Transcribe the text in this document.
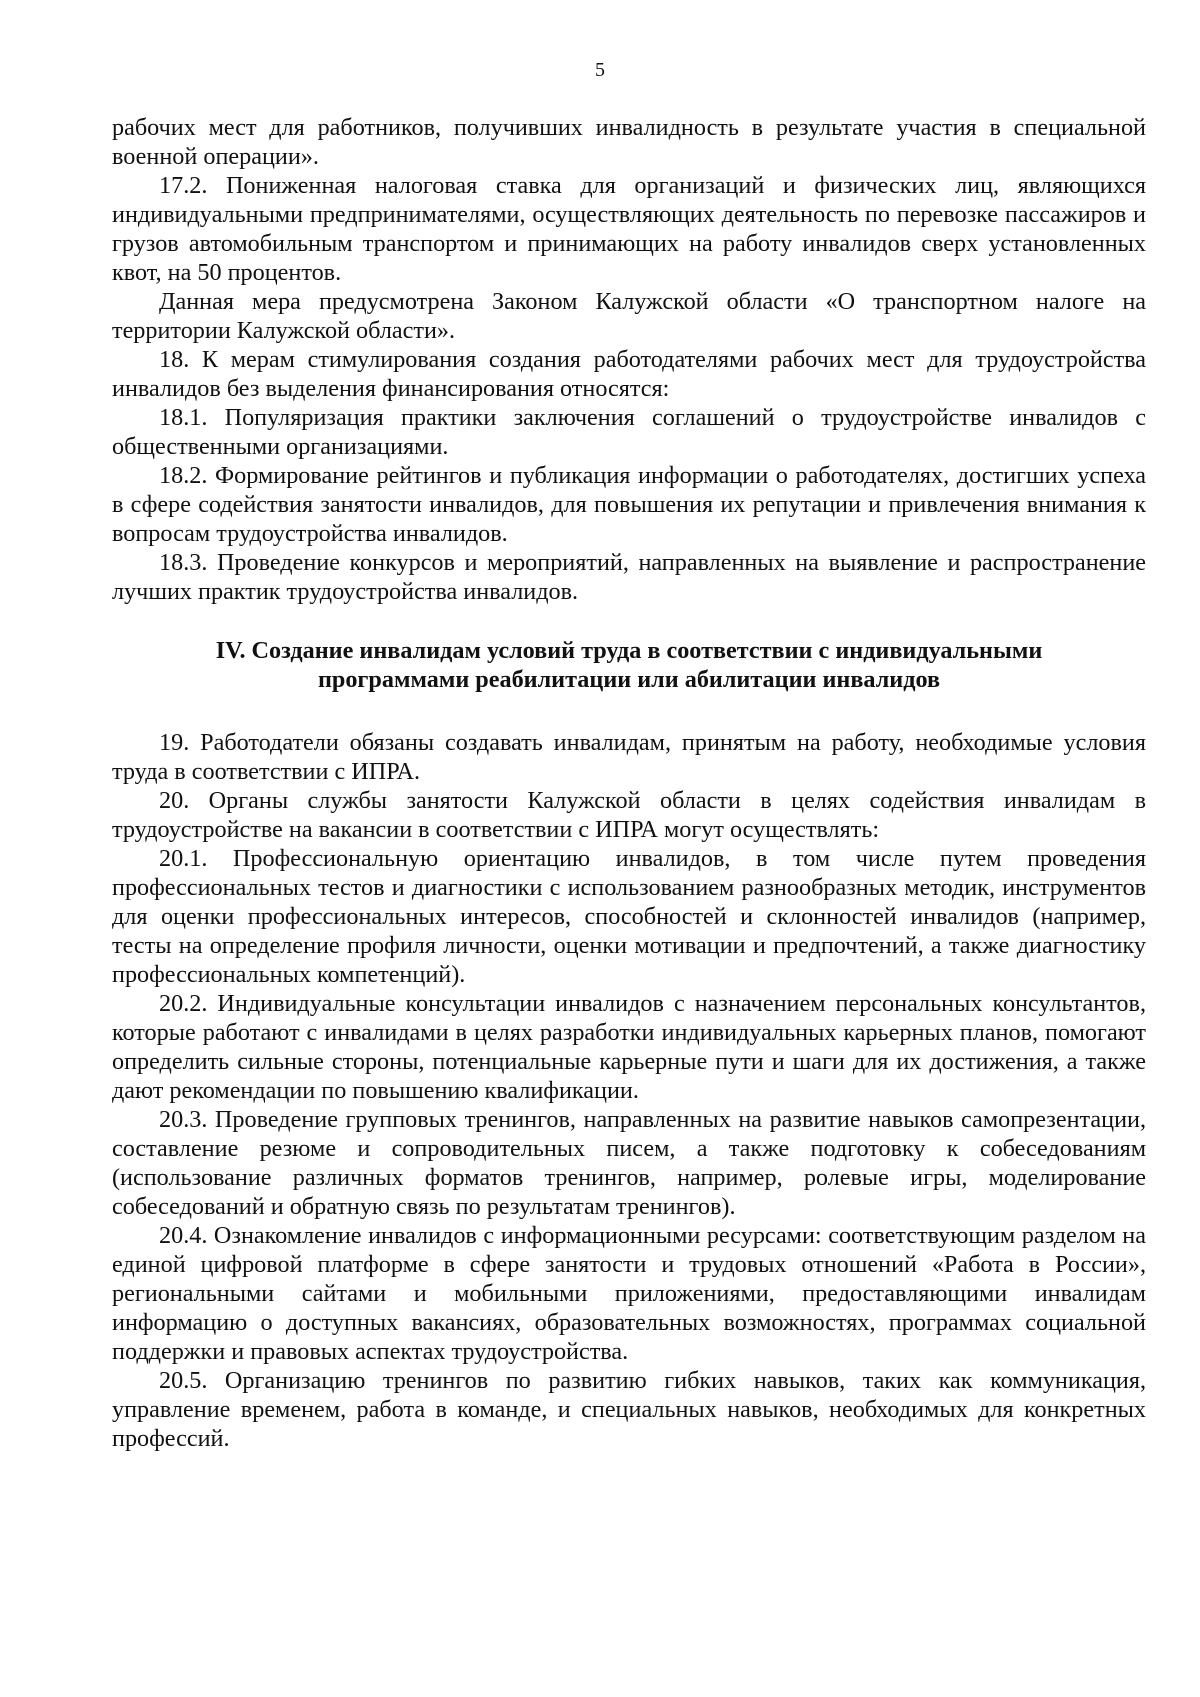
5

рабочих мест для работников, получивших инвалидность в результате участия в специальной военной операции».

17.2. Пониженная налоговая ставка для организаций и физических лиц, являющихся индивидуальными предпринимателями, осуществляющих деятельность по перевозке пассажиров и грузов автомобильным транспортом и принимающих на работу инвалидов сверх установленных квот, на 50 процентов.

Данная мера предусмотрена Законом Калужской области «О транспортном налоге на территории Калужской области».

18. К мерам стимулирования создания работодателями рабочих мест для трудоустройства инвалидов без выделения финансирования относятся:

18.1. Популяризация практики заключения соглашений о трудоустройстве инвалидов с общественными организациями.

18.2. Формирование рейтингов и публикация информации о работодателях, достигших успеха в сфере содействия занятости инвалидов, для повышения их репутации и привлечения внимания к вопросам трудоустройства инвалидов.

18.3. Проведение конкурсов и мероприятий, направленных на выявление и распространение лучших практик трудоустройства инвалидов.

IV. Создание инвалидам условий труда в соответствии с индивидуальными
программами реабилитации или абилитации инвалидов

19. Работодатели обязаны создавать инвалидам, принятым на работу, необходимые условия труда в соответствии с ИПРА.

20. Органы службы занятости Калужской области в целях содействия инвалидам в трудоустройстве на вакансии в соответствии с ИПРА могут осуществлять:

20.1. Профессиональную ориентацию инвалидов, в том числе путем проведения профессиональных тестов и диагностики с использованием разнообразных методик, инструментов для оценки профессиональных интересов, способностей и склонностей инвалидов (например, тесты на определение профиля личности, оценки мотивации и предпочтений, а также диагностику профессиональных компетенций).

20.2. Индивидуальные консультации инвалидов с назначением персональных консультантов, которые работают с инвалидами в целях разработки индивидуальных карьерных планов, помогают определить сильные стороны, потенциальные карьерные пути и шаги для их достижения, а также дают рекомендации по повышению квалификации.

20.3. Проведение групповых тренингов, направленных на развитие навыков самопрезентации, составление резюме и сопроводительных писем, а также подготовку к собеседованиям (использование различных форматов тренингов, например, ролевые игры, моделирование собеседований и обратную связь по результатам тренингов).

20.4. Ознакомление инвалидов с информационными ресурсами: соответствующим разделом на единой цифровой платформе в сфере занятости и трудовых отношений «Работа в России», региональными сайтами и мобильными приложениями, предоставляющими инвалидам информацию о доступных вакансиях, образовательных возможностях, программах социальной поддержки и правовых аспектах трудоустройства.

20.5. Организацию тренингов по развитию гибких навыков, таких как коммуникация, управление временем, работа в команде, и специальных навыков, необходимых для конкретных профессий.
